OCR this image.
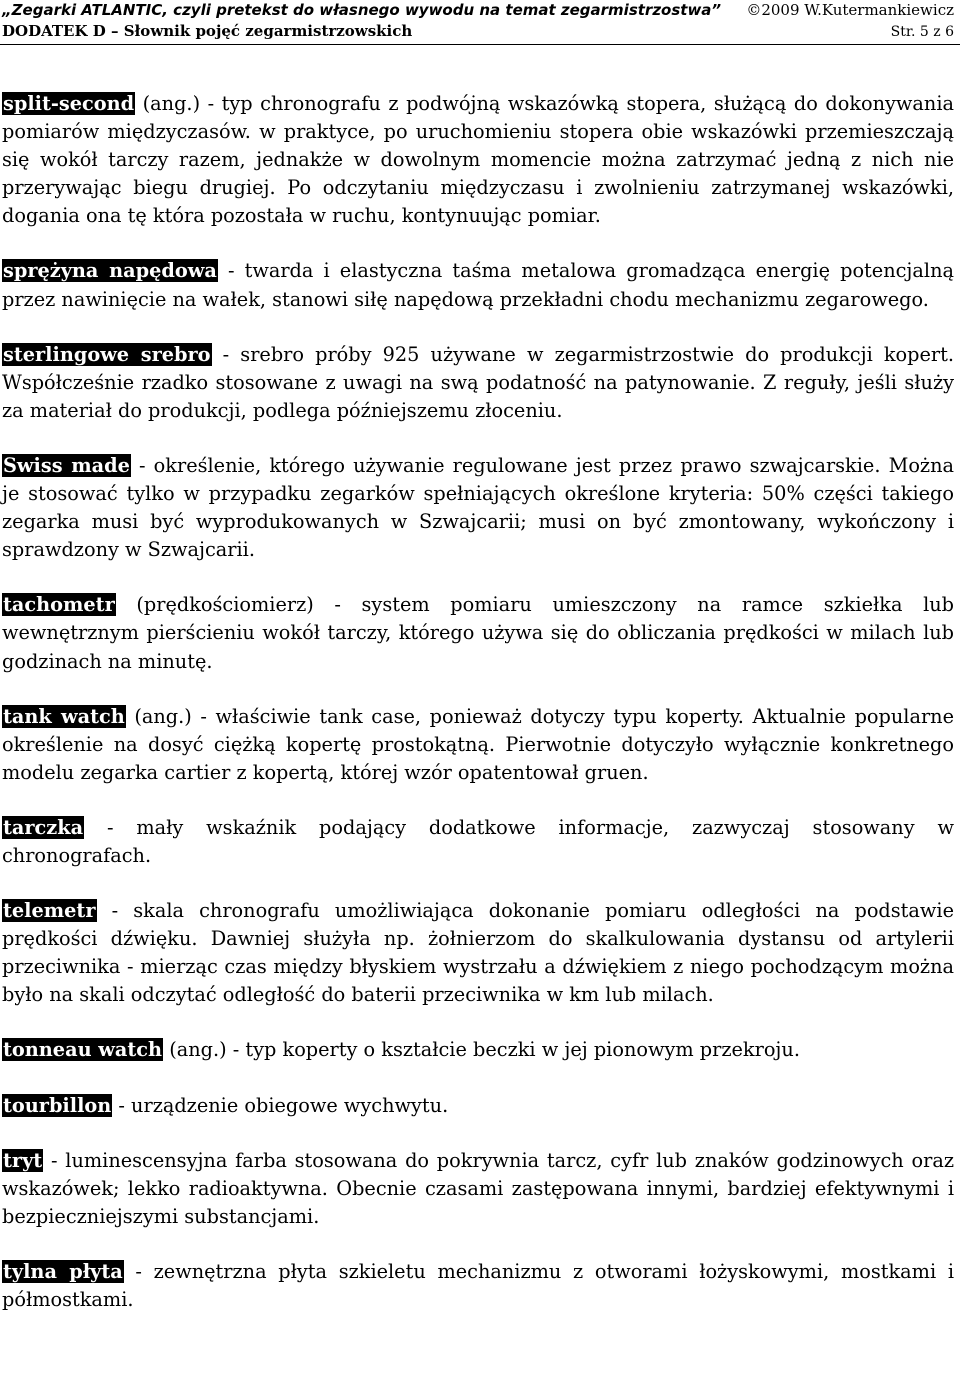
„Zegarki ATLANTIC, czyli pretekst do własnego wywodu na temat zegarmistrzostwa” ©2009 W.Kutermankiewicz
DODATEK D – Słownik pojęć zegarmistrzowskich	Str. 5 z 6

split-second (ang.) - typ chronografu z podwójną wskazówką stopera, służącą do dokonywania pomiarów międzyczasów. w praktyce, po uruchomieniu stopera obie wskazówki przemieszczają się wokół tarczy razem, jednakże w dowolnym momencie można zatrzymać jedną z nich nie przerywając biegu drugiej. Po odczytaniu międzyczasu i zwolnieniu zatrzymanej wskazówki, dogania ona tę która pozostała w ruchu, kontynuując pomiar.

sprężyna napędowa - twarda i elastyczna taśma metalowa gromadząca energię potencjalną przez nawinięcie na wałek, stanowi siłę napędową przekładni chodu mechanizmu zegarowego.

sterlingowe srebro - srebro próby 925 używane w zegarmistrzostwie do produkcji kopert. Współcześnie rzadko stosowane z uwagi na swą podatność na patynowanie. Z reguły, jeśli służy za materiał do produkcji, podlega późniejszemu złoceniu.

Swiss made - określenie, którego używanie regulowane jest przez prawo szwajcarskie. Można je stosować tylko w przypadku zegarków spełniających określone kryteria: 50% części takiego zegarka musi być wyprodukowanych w Szwajcarii; musi on być zmontowany, wykończony i sprawdzony w Szwajcarii.

tachometr (prędkościomierz) - system pomiaru umieszczony na ramce szkiełka lub wewnętrznym pierścieniu wokół tarczy, którego używa się do obliczania prędkości w milach lub godzinach na minutę.

tank watch (ang.) - właściwie tank case, ponieważ dotyczy typu koperty. Aktualnie popularne określenie na dosyć ciężką kopertę prostokątną. Pierwotnie dotyczyło wyłącznie konkretnego modelu zegarka cartier z kopertą, której wzór opatentował gruen.

tarczka - mały wskaźnik podający dodatkowe informacje, zazwyczaj stosowany w chronografach.

telemetr - skala chronografu umożliwiająca dokonanie pomiaru odległości na podstawie prędkości dźwięku. Dawniej służyła np. żołnierzom do skalkulowania dystansu od artylerii przeciwnika - mierząc czas między błyskiem wystrzału a dźwiękiem z niego pochodzącym można było na skali odczytać odległość do baterii przeciwnika w km lub milach.

tonneau watch (ang.) - typ koperty o kształcie beczki w jej pionowym przekroju.

tourbillon - urządzenie obiegowe wychwytu.

tryt - luminescensyjna farba stosowana do pokrywnia tarcz, cyfr lub znaków godzinowych oraz wskazówek; lekko radioaktywna. Obecnie czasami zastępowana innymi, bardziej efektywnymi i bezpieczniejszymi substancjami.

tylna płyta - zewnętrzna płyta szkieletu mechanizmu z otworami łożyskowymi, mostkami i półmostkami.
